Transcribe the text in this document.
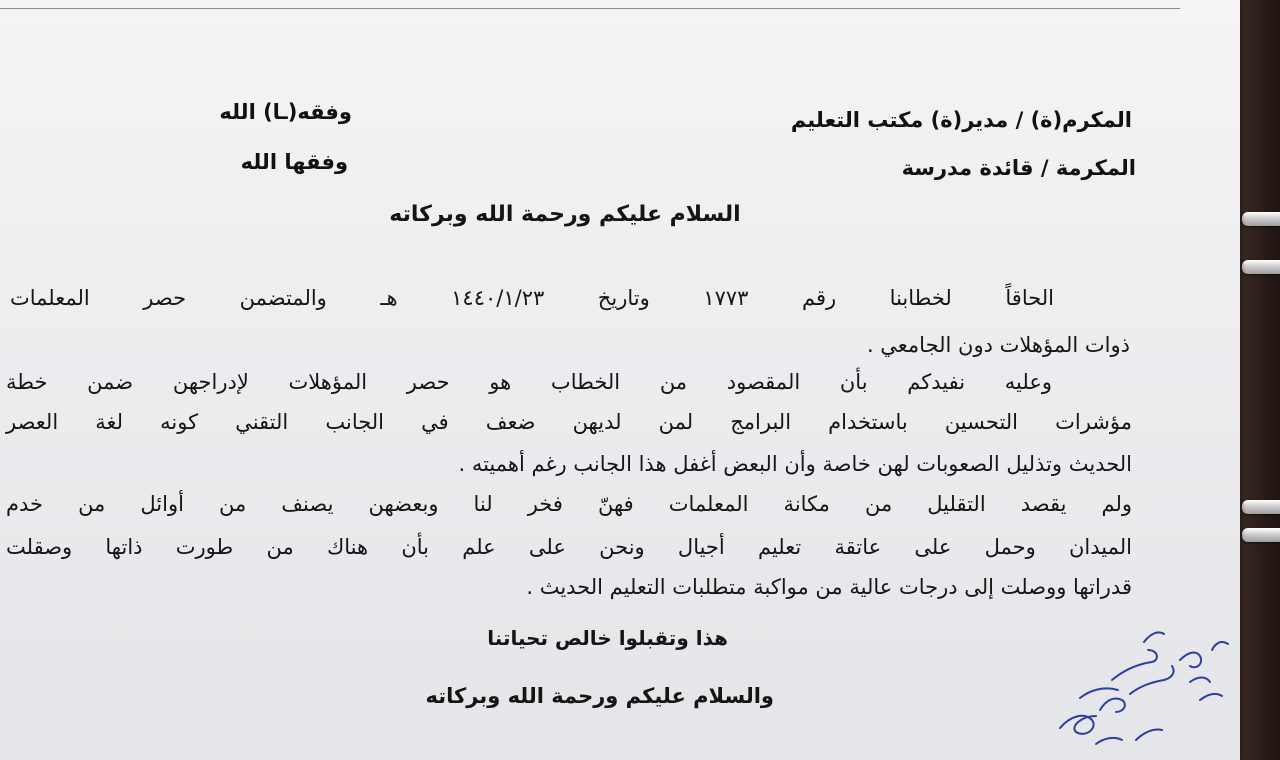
المكرم(ة) / مدير(ة) مكتب التعليم
المكرمة / قائدة مدرسة
وفقه(ـا) الله
وفقها الله
السلام عليكم ورحمة الله وبركاته
الحاقاً لخطابنا رقم ١٧٧٣ وتاريخ ١٤٤٠/١/٢٣ هـ والمتضمن حصر المعلمات
ذوات المؤهلات دون الجامعي .
وعليه نفيدكم بأن المقصود من الخطاب هو حصر المؤهلات لإدراجهن ضمن خطة
مؤشرات التحسين باستخدام البرامج لمن لديهن ضعف في الجانب التقني كونه لغة العصر
الحديث وتذليل الصعوبات لهن خاصة وأن البعض أغفل هذا الجانب رغم أهميته .
ولم يقصد التقليل من مكانة المعلمات فهنّ فخر لنا وبعضهن يصنف من أوائل من خدم
الميدان وحمل على عاتقة تعليم أجيال ونحن على علم بأن هناك من طورت ذاتها وصقلت
قدراتها ووصلت إلى درجات عالية من مواكبة متطلبات التعليم الحديث .
هذا وتقبلوا خالص تحياتنا
والسلام عليكم ورحمة الله وبركاته
